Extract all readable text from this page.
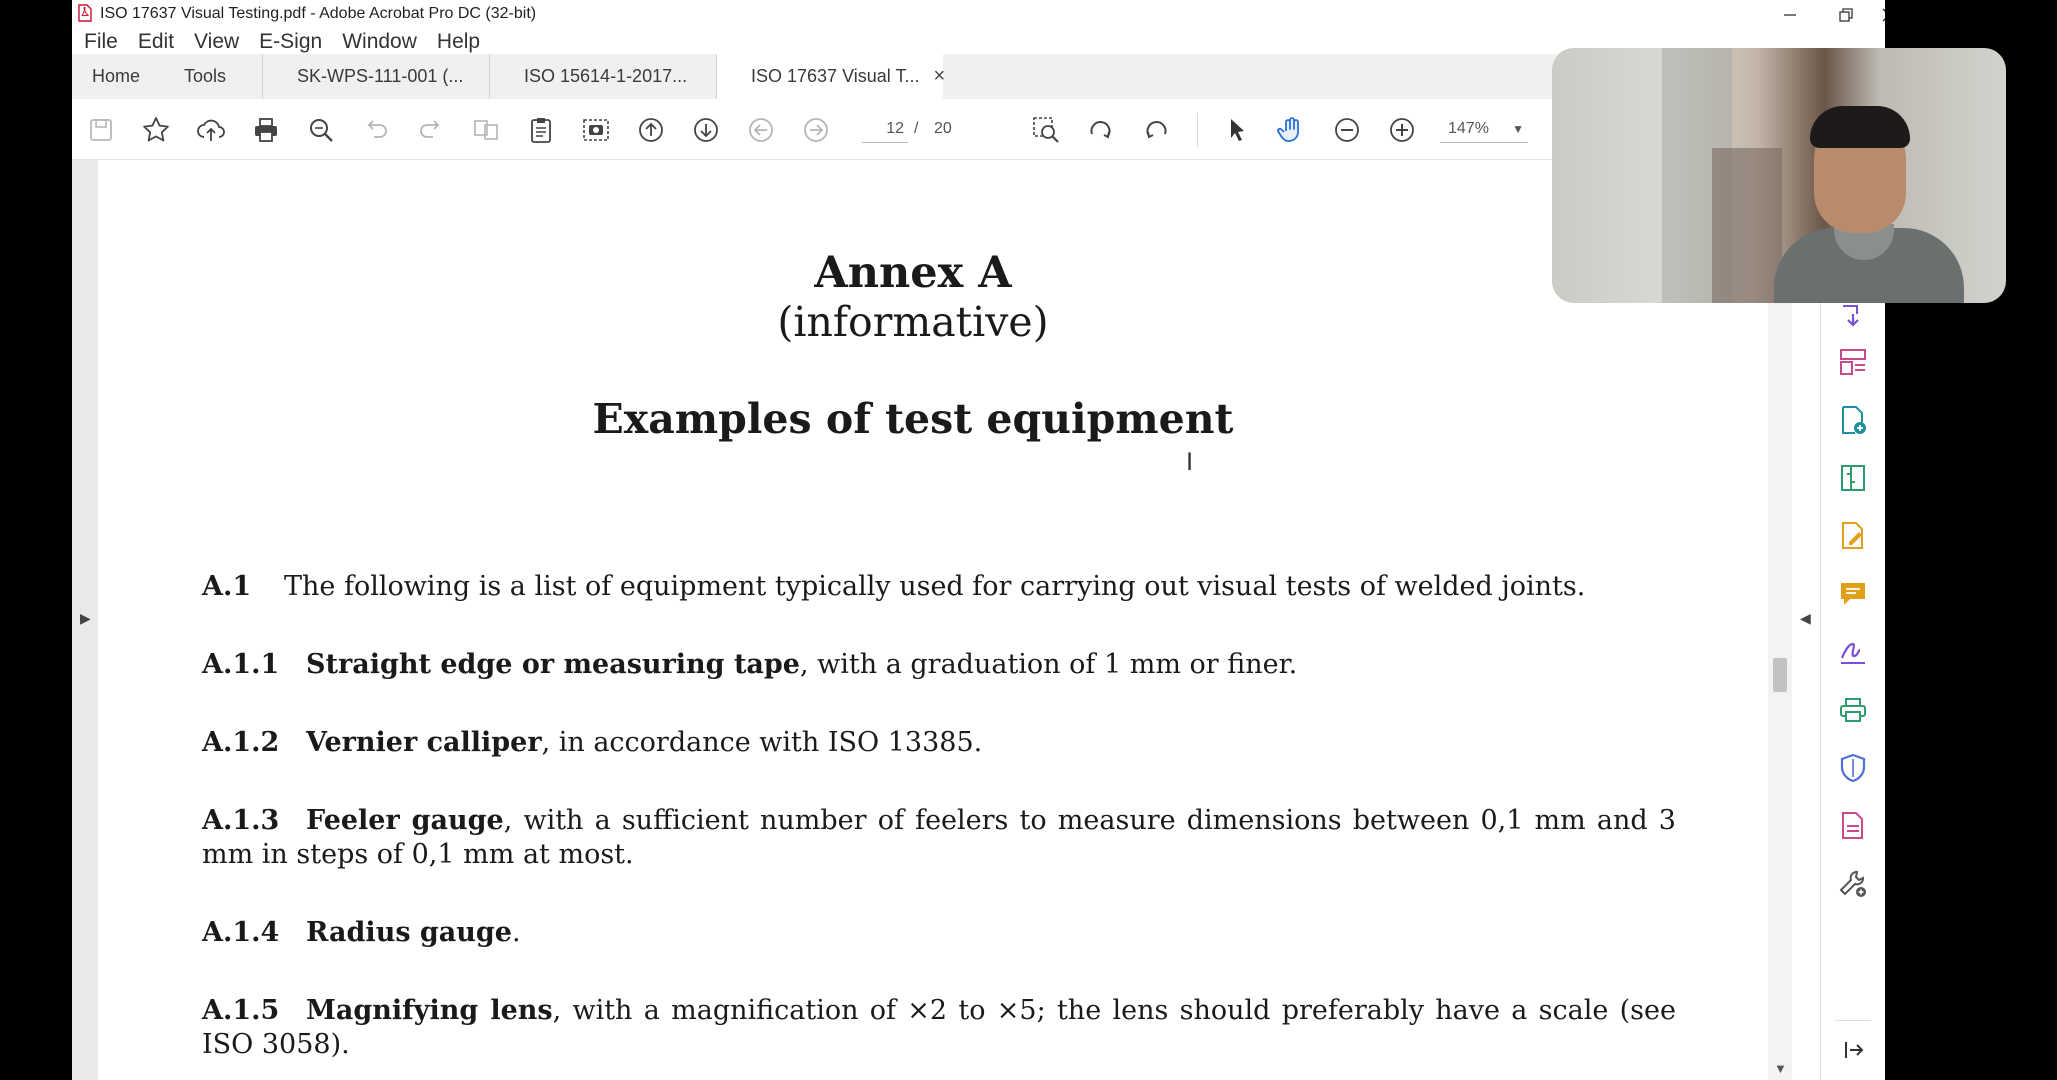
ISO 17637 Visual Testing.pdf - Adobe Acrobat Pro DC (32-bit)
File Edit View E-Sign Window Help
Home	Tools	SK-WPS-111-001 (...	ISO 15614-1-2017...	ISO 17637 Visual T... ×
12 / 20	147% ▼
▶
Annex A
(informative)
Examples of test equipment
I
A.1 The following is a list of equipment typically used for carrying out visual tests of welded joints.
A.1.1 Straight edge or measuring tape, with a graduation of 1 mm or finer.
A.1.2 Vernier calliper, in accordance with ISO 13385.
A.1.3 Feeler gauge, with a sufficient number of feelers to measure dimensions between 0,1 mm and 3 mm in steps of 0,1 mm at most.
A.1.4 Radius gauge.
A.1.5 Magnifying lens, with a magnification of ×2 to ×5; the lens should preferably have a scale (see ISO 3058).
▼
◀
